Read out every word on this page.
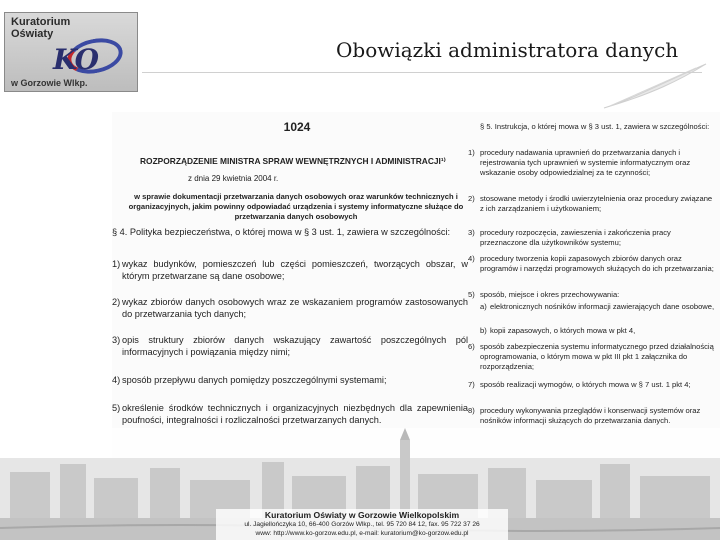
Kuratorium
Oświaty
KO
w Gorzowie Wlkp.
Obowiązki administratora danych
1024
ROZPORZĄDZENIE MINISTRA SPRAW WEWNĘTRZNYCH I ADMINISTRACJI¹⁾
z dnia 29 kwietnia 2004 r.
w sprawie dokumentacji przetwarzania danych osobowych oraz warunków technicznych i organizacyjnych, jakim powinny odpowiadać urządzenia i systemy informatyczne służące do przetwarzania danych osobowych
§ 4. Polityka bezpieczeństwa, o której mowa w § 3 ust. 1, zawiera w szczególności:
1) wykaz budynków, pomieszczeń lub części pomieszczeń, tworzących obszar, w którym przetwarzane są dane osobowe;
2) wykaz zbiorów danych osobowych wraz ze wskazaniem programów zastosowanych do przetwarzania tych danych;
3) opis struktury zbiorów danych wskazujący zawartość poszczególnych pól informacyjnych i powiązania między nimi;
4) sposób przepływu danych pomiędzy poszczególnymi systemami;
5) określenie środków technicznych i organizacyjnych niezbędnych dla zapewnienia poufności, integralności i rozliczalności przetwarzanych danych.
§ 5. Instrukcja, o której mowa w § 3 ust. 1, zawiera w szczególności:
1) procedury nadawania uprawnień do przetwarzania danych i rejestrowania tych uprawnień w systemie informatycznym oraz wskazanie osoby odpowiedzialnej za te czynności;
2) stosowane metody i środki uwierzytelnienia oraz procedury związane z ich zarządzaniem i użytkowaniem;
3) procedury rozpoczęcia, zawieszenia i zakończenia pracy przeznaczone dla użytkowników systemu;
4) procedury tworzenia kopii zapasowych zbiorów danych oraz programów i narzędzi programowych służących do ich przetwarzania;
5) sposób, miejsce i okres przechowywania:
a) elektronicznych nośników informacji zawierających dane osobowe,
b) kopii zapasowych, o których mowa w pkt 4,
6) sposób zabezpieczenia systemu informatycznego przed działalnością oprogramowania, o którym mowa w pkt III pkt 1 załącznika do rozporządzenia;
7) sposób realizacji wymogów, o których mowa w § 7 ust. 1 pkt 4;
8) procedury wykonywania przeglądów i konserwacji systemów oraz nośników informacji służących do przetwarzania danych.
Kuratorium Oświaty w Gorzowie Wielkopolskim
ul. Jagiellończyka 10, 66-400 Gorzów Wlkp., tel. 95 720 84 12, fax. 95 722 37 26
www: http://www.ko-gorzow.edu.pl, e-mail: kuratorium@ko-gorzow.edu.pl
